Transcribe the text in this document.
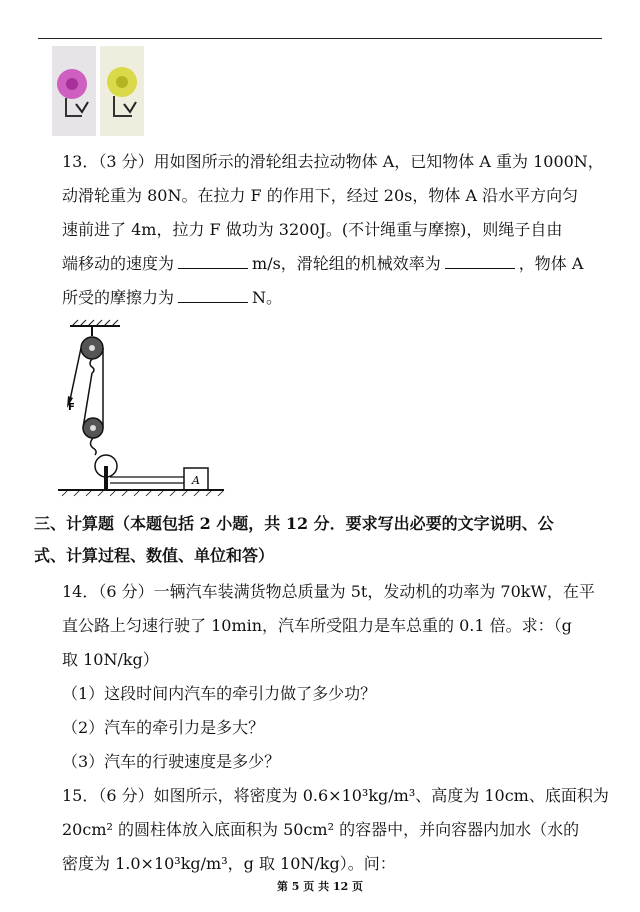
13．（3 分）用如图所示的滑轮组去拉动物体 A，已知物体 A 重为 1000N，
动滑轮重为 80N。在拉力 F 的作用下，经过 20s，物体 A 沿水平方向匀
速前进了 4m，拉力 F 做功为 3200J。(不计绳重与摩擦)，则绳子自由
端移动的速度为	m/s，滑轮组的机械效率为	，物体 A
所受的摩擦力为	N。
A
F
三、计算题（本题包括 2 小题，共 12 分．要求写出必要的文字说明、公
式、计算过程、数值、单位和答）
14．（6 分）一辆汽车装满货物总质量为 5t，发动机的功率为 70kW，在平
直公路上匀速行驶了 10min，汽车所受阻力是车总重的 0.1 倍。求：（g
取 10N/kg）
（1）这段时间内汽车的牵引力做了多少功？
（2）汽车的牵引力是多大？
（3）汽车的行驶速度是多少？
15．（6 分）如图所示，将密度为 0.6×10³kg/m³、高度为 10cm、底面积为
20cm² 的圆柱体放入底面积为 50cm² 的容器中，并向容器内加水（水的
密度为 1.0×10³kg/m³，g 取 10N/kg）。问：
第 5 页 共 12 页
